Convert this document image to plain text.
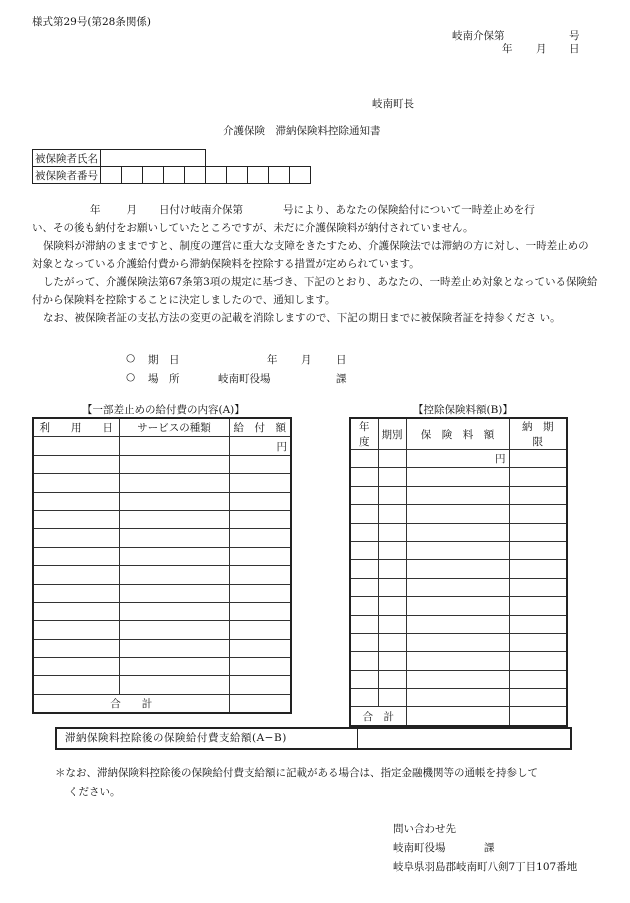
様式第29号(第28条関係)
岐南介保第	号
年 月 日
岐南町長
介護保険　滞納保険料控除通知書
被保険者氏名										
被保険者番号										

年 月 日付け岐南介保第	号により、あなたの保険給付について一時差止めを行
い、その後も納付をお願いしていたところですが、未だに介護保険料が納付されていません。

保険料が滞納のままですと、制度の運営に重大な支障をきたすため、介護保険法では滞納の方に対し、一時差止めの対象となっている介護給付費から滞納保険料を控除する措置が定められています。

したがって、介護保険法第67条第3項の規定に基づき、下記のとおり、あなたの、一時差止め対象となっている保険給付から保険料を控除することに決定しましたので、通知します。

なお、被保険者証の支払方法の変更の記載を消除しますので、下記の期日までに被保険者証を持参くださ い。

○ 期　日	年 月 日
○ 場　所	岐南町役場	課
【一部差止めの給付費の内容(A)】	【控除保険料額(B)】
利　　用　　日	サービスの種類	給　付　額
		円

合　　計		
年度	期別	保　険　料　額	納　期　限
		円	

合　計			
滞納保険料控除後の保険給付費支給額(A−B)
＊なお、滞納保険料控除後の保険給付費支給額に記載がある場合は、指定金融機関等の通帳を持参して
ください。
問い合わせ先
岐南町役場	課
岐阜県羽島郡岐南町八剣7丁目107番地
